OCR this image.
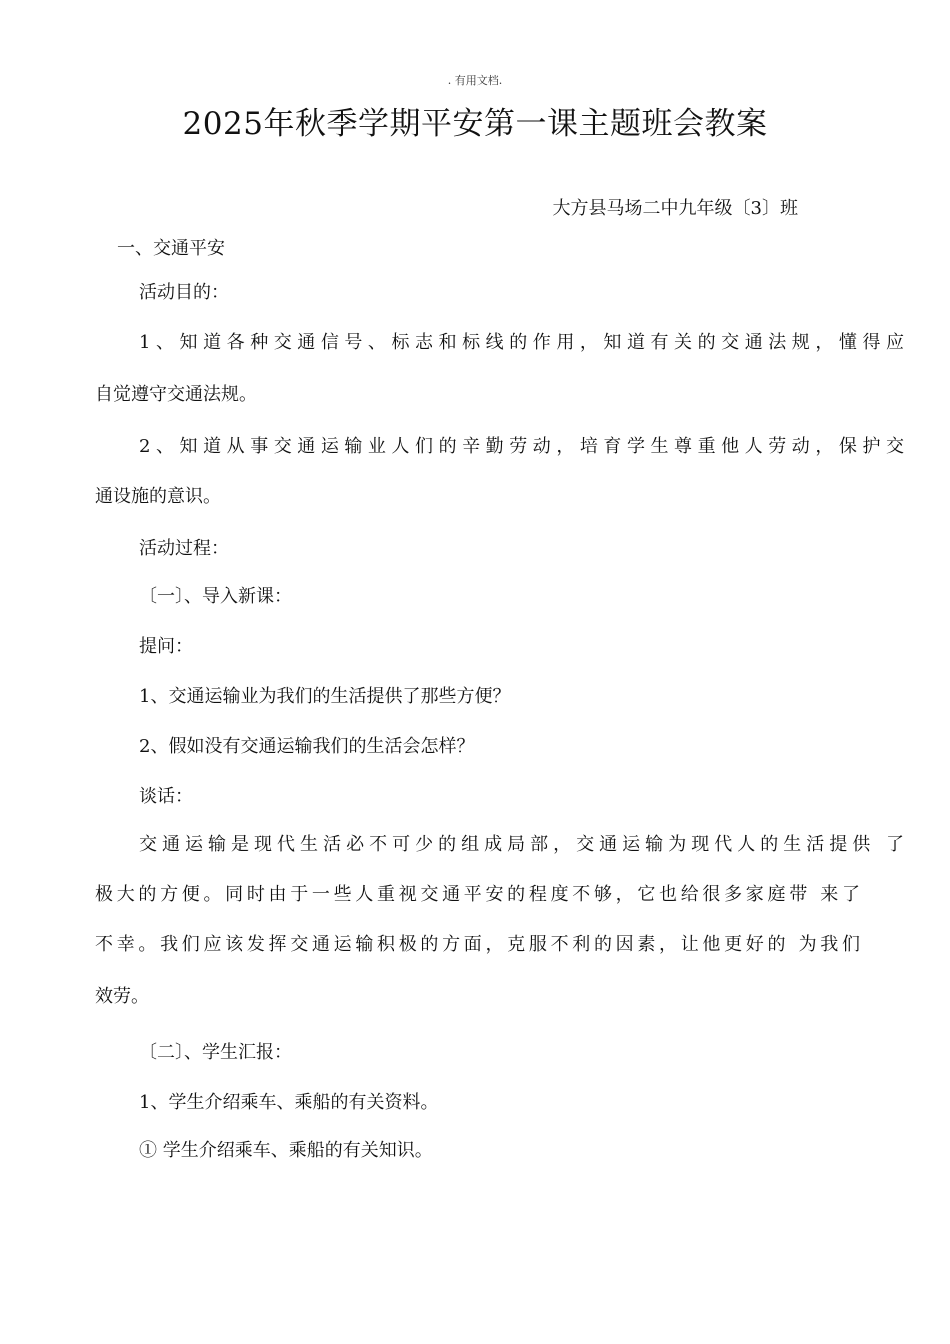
. 有用文档.
2025年秋季学期平安第一课主题班会教案
大方县马场二中九年级〔3〕班
一、交通平安
活动目的：
1、知道各种交通信号、标志和标线的作用，知道有关的交通法规，懂得应
自觉遵守交通法规。
2、知道从事交通运输业人们的辛勤劳动，培育学生尊重他人劳动，保护交
通设施的意识。
活动过程：
〔一〕、导入新课：
提问：
1、交通运输业为我们的生活提供了那些方便？
2、假如没有交通运输我们的生活会怎样？
谈话：
交通运输是现代生活必不可少的组成局部，交通运输为现代人的生活提供 了
极大的方便。同时由于一些人重视交通平安的程度不够，它也给很多家庭带 来了
不幸。我们应该发挥交通运输积极的方面，克服不利的因素，让他更好的 为我们
效劳。
〔二〕、学生汇报：
1、学生介绍乘车、乘船的有关资料。
① 学生介绍乘车、乘船的有关知识。
